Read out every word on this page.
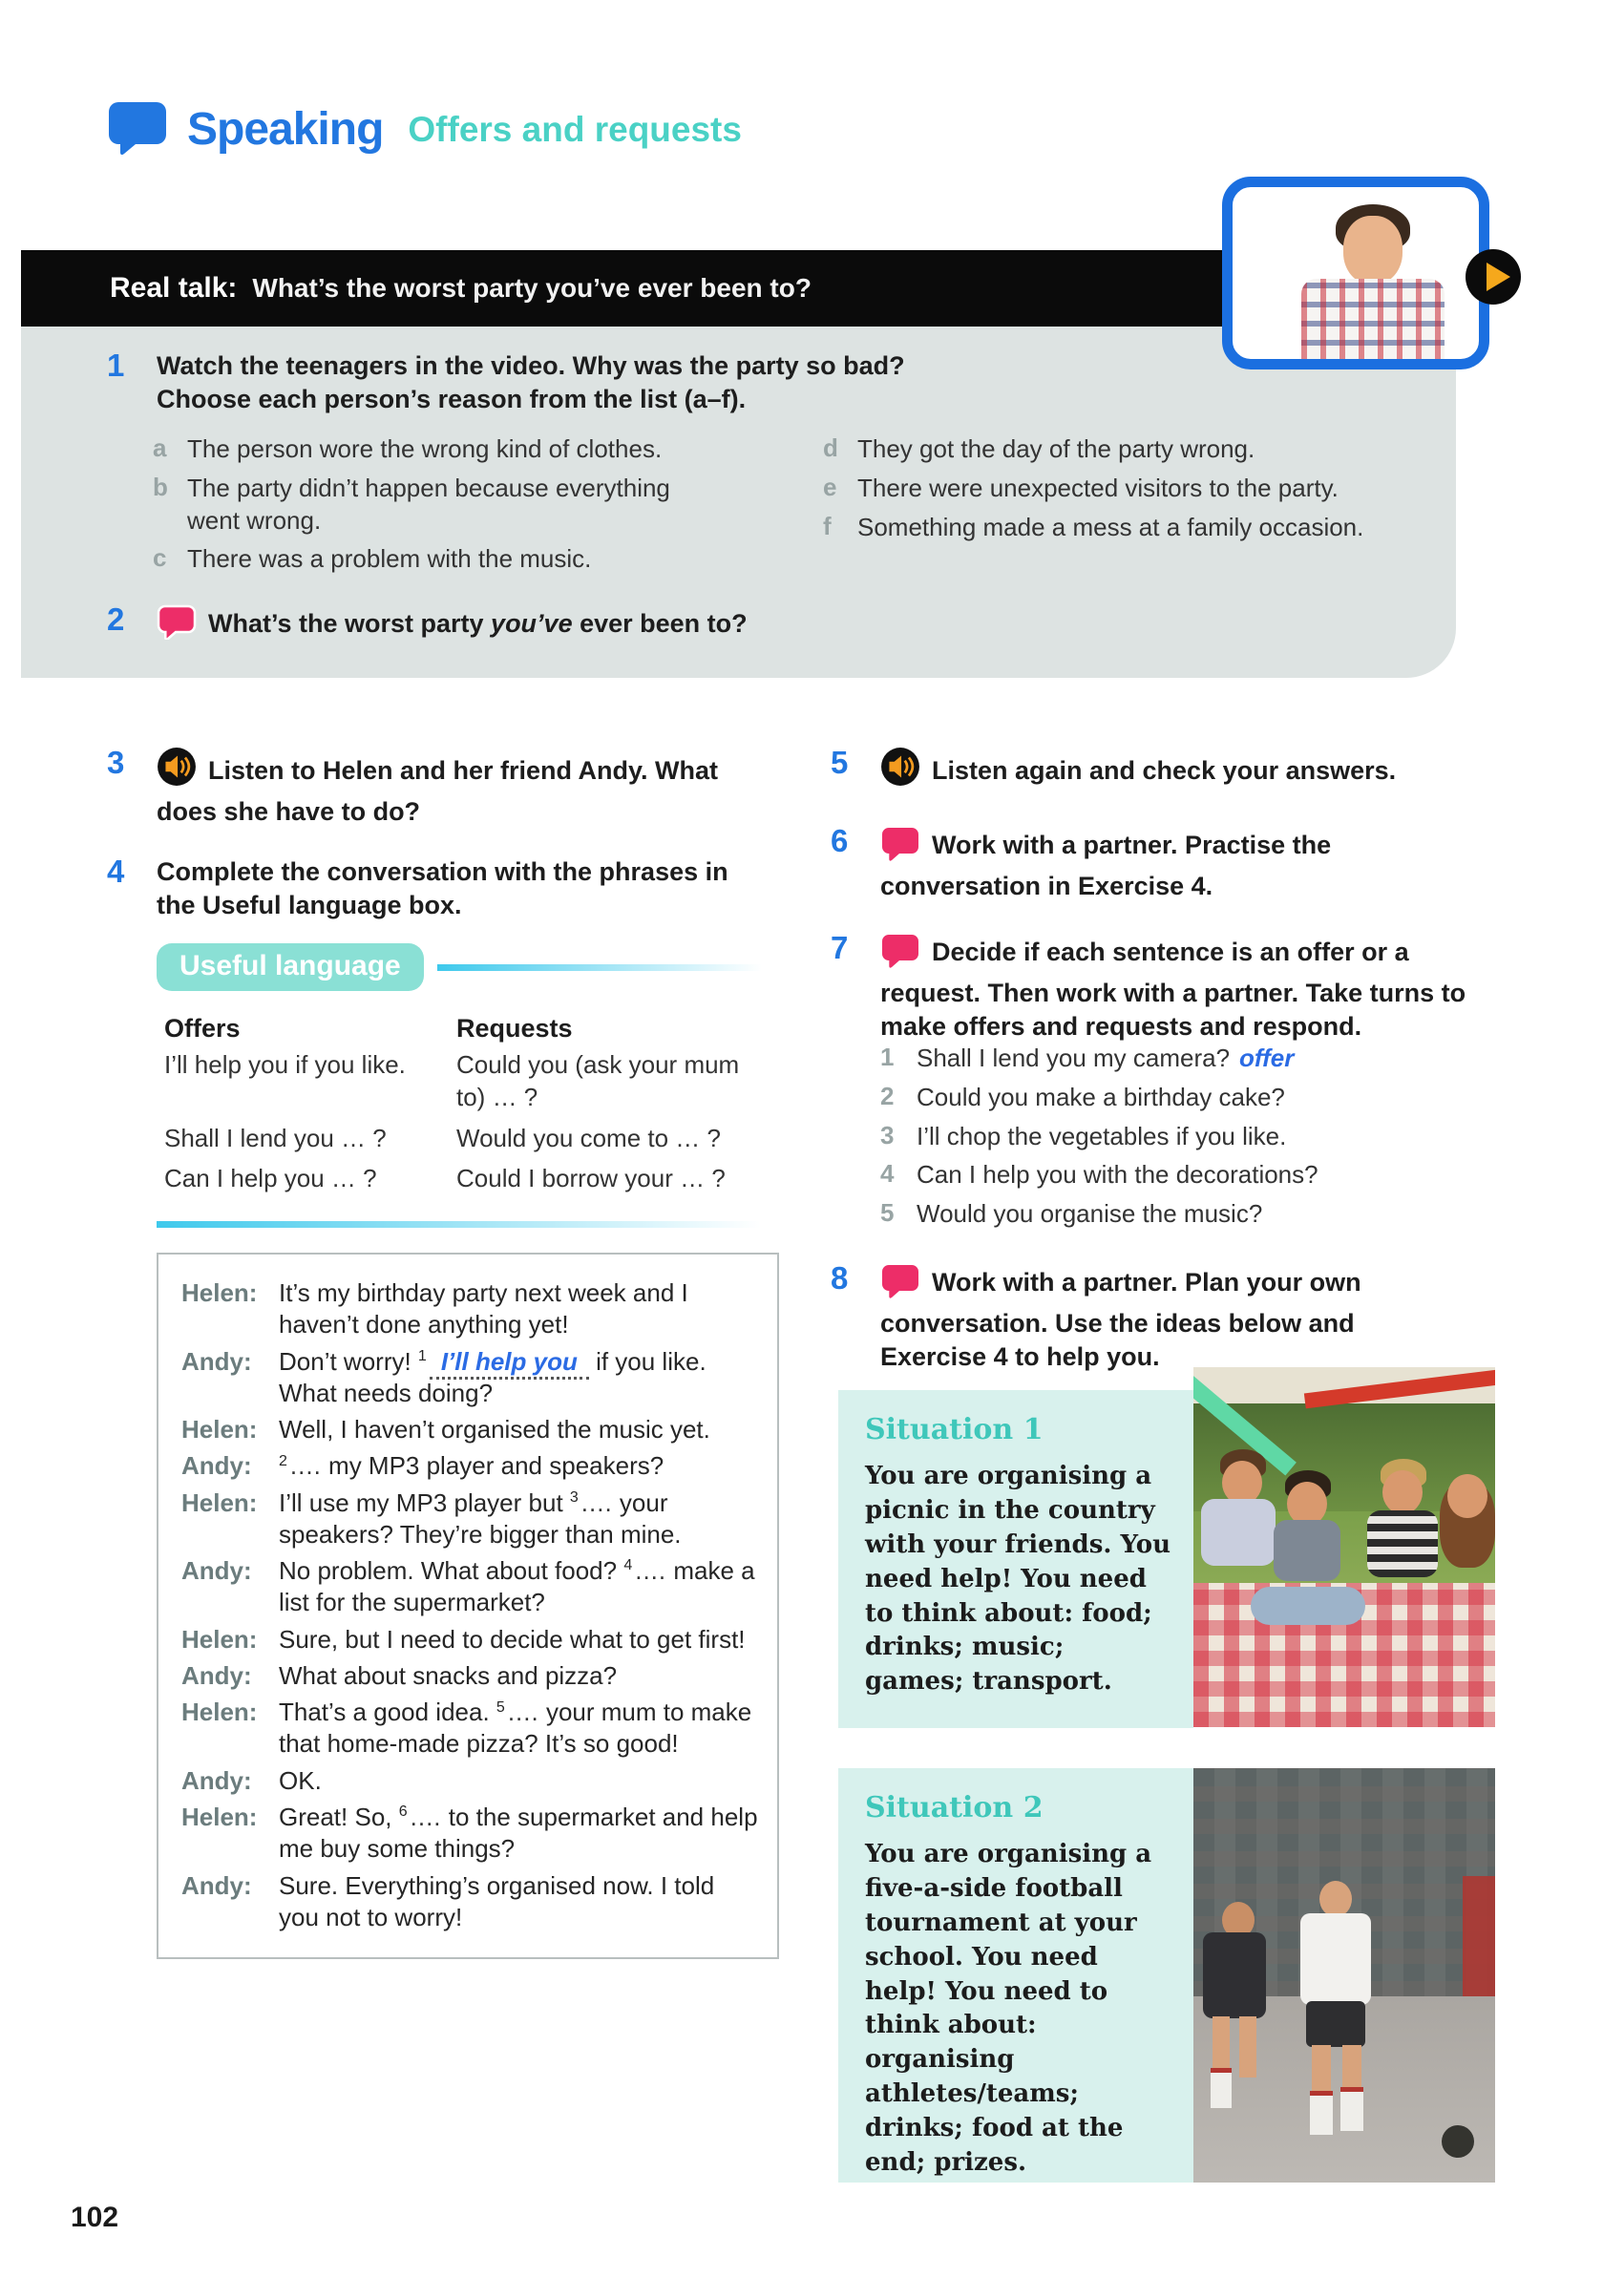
Speaking Offers and requests
Real talk: What’s the worst party you’ve ever been to?
1	Watch the teenagers in the video. Why was the party so bad?
Choose each person’s reason from the list (a–f).
a The person wore the wrong kind of clothes.
b The party didn’t happen because everything went wrong.
c There was a problem with the music.
d They got the day of the party wrong.
e There were unexpected visitors to the party.
f	Something made a mess at a family occasion.
2	What’s the worst party you’ve ever been to?
3	Listen to Helen and her friend Andy. What does she have to do?
4	Complete the conversation with the phrases in the Useful language box.
Useful language
Offers	Requests
I’ll help you if you like.	Could you (ask your mum to) … ?
Shall I lend you … ?	Would you come to … ?
Can I help you … ?	Could I borrow your … ?
Helen: It’s my birthday party next week and I haven’t done anything yet!
Andy:	Don’t worry! $^1$ I’ll help you if you like. What needs doing?
Helen: Well, I haven’t organised the music yet.
Andy:	$^2$ .... my MP3 player and speakers?
Helen: I’ll use my MP3 player but $^3$ .... your speakers? They’re bigger than mine.
Andy:	No problem. What about food? $^4$ .... make a list for the supermarket?
Helen: Sure, but I need to decide what to get first!
Andy:	What about snacks and pizza?
Helen: That’s a good idea. $^5$ .... your mum to make that home-made pizza? It’s so good!
Andy:	OK.
Helen: Great! So, $^6$ .... to the supermarket and help me buy some things?
Andy:	Sure. Everything’s organised now. I told you not to worry!
5	Listen again and check your answers.
6	Work with a partner. Practise the conversation in Exercise 4.
7	Decide if each sentence is an offer or a request. Then work with a partner. Take turns to make offers and requests and respond.
1 Shall I lend you my camera? offer
2 Could you make a birthday cake?
3 I’ll chop the vegetables if you like.
4 Can I help you with the decorations?
5 Would you organise the music?
8	Work with a partner. Plan your own conversation. Use the ideas below and Exercise 4 to help you.
Situation 1
You are organising a picnic in the country with your friends. You need help! You need to think about: food; drinks; music; games; transport.
Situation 2
You are organising a five-a-side football tournament at your school. You need help! You need to think about: organising athletes/teams; drinks; food at the end; prizes.
102
